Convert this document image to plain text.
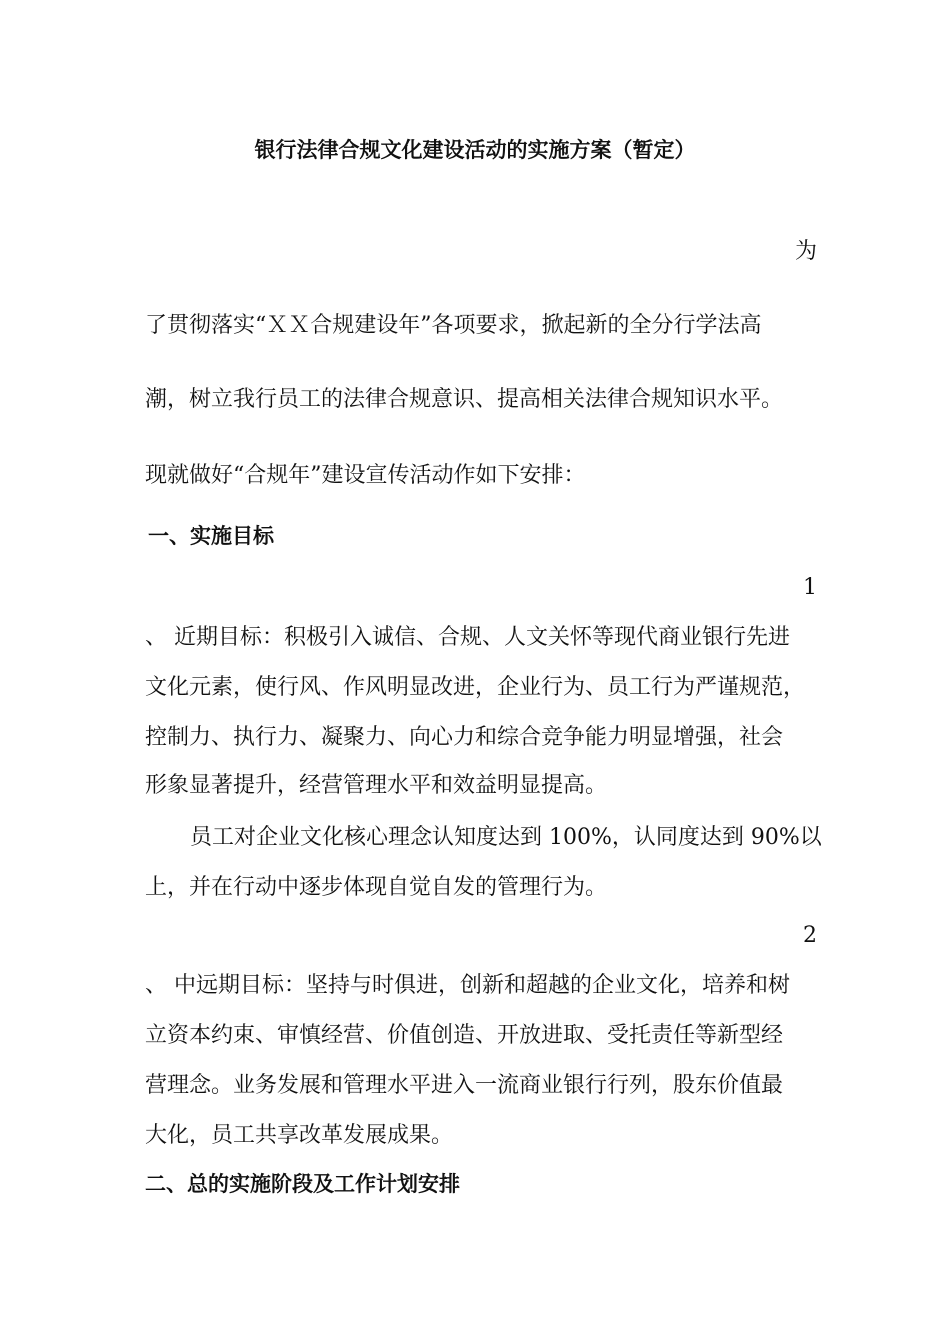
银行法律合规文化建设活动的实施方案（暂定）
为
了贯彻落实“ＸＸ合规建设年”各项要求，掀起新的全分行学法高
潮，树立我行员工的法律合规意识、提高相关法律合规知识水平。
现就做好“合规年”建设宣传活动作如下安排：
一、实施目标
1
、 近期目标：积极引入诚信、合规、人文关怀等现代商业银行先进
文化元素，使行风、作风明显改进，企业行为、员工行为严谨规范，
控制力、执行力、凝聚力、向心力和综合竞争能力明显增强，社会
形象显著提升，经营管理水平和效益明显提高。
员工对企业文化核心理念认知度达到 100%，认同度达到 90%以
上，并在行动中逐步体现自觉自发的管理行为。
2
、 中远期目标：坚持与时俱进，创新和超越的企业文化，培养和树
立资本约束、审慎经营、价值创造、开放进取、受托责任等新型经
营理念。业务发展和管理水平进入一流商业银行行列，股东价值最
大化，员工共享改革发展成果。
二、总的实施阶段及工作计划安排
